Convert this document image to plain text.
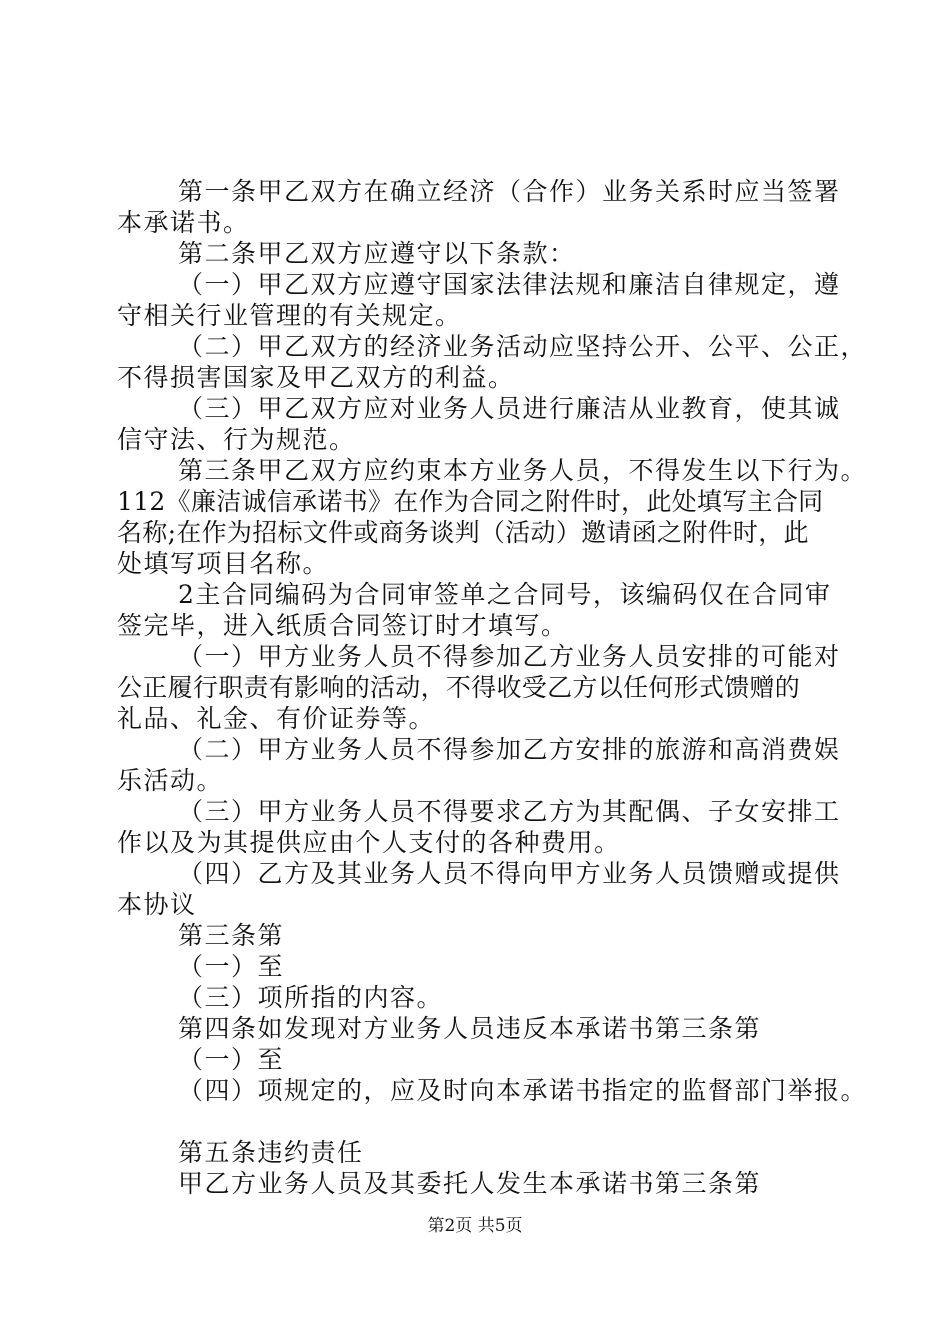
第一条甲乙双方在确立经济（合作）业务关系时应当签署
本承诺书。
第二条甲乙双方应遵守以下条款：
（一）甲乙双方应遵守国家法律法规和廉洁自律规定，遵
守相关行业管理的有关规定。
（二）甲乙双方的经济业务活动应坚持公开、公平、公正，
不得损害国家及甲乙双方的利益。
（三）甲乙双方应对业务人员进行廉洁从业教育，使其诚
信守法、行为规范。
第三条甲乙双方应约束本方业务人员，不得发生以下行为。
112《廉洁诚信承诺书》在作为合同之附件时，此处填写主合同
名称;在作为招标文件或商务谈判（活动）邀请函之附件时，此
处填写项目名称。
2主合同编码为合同审签单之合同号，该编码仅在合同审
签完毕，进入纸质合同签订时才填写。
（一）甲方业务人员不得参加乙方业务人员安排的可能对
公正履行职责有影响的活动，不得收受乙方以任何形式馈赠的
礼品、礼金、有价证券等。
（二）甲方业务人员不得参加乙方安排的旅游和高消费娱
乐活动。
（三）甲方业务人员不得要求乙方为其配偶、子女安排工
作以及为其提供应由个人支付的各种费用。
（四）乙方及其业务人员不得向甲方业务人员馈赠或提供
本协议
第三条第
（一）至
（三）项所指的内容。
第四条如发现对方业务人员违反本承诺书第三条第
（一）至
（四）项规定的，应及时向本承诺书指定的监督部门举报。
第五条违约责任
甲乙方业务人员及其委托人发生本承诺书第三条第
第2页 共5页
